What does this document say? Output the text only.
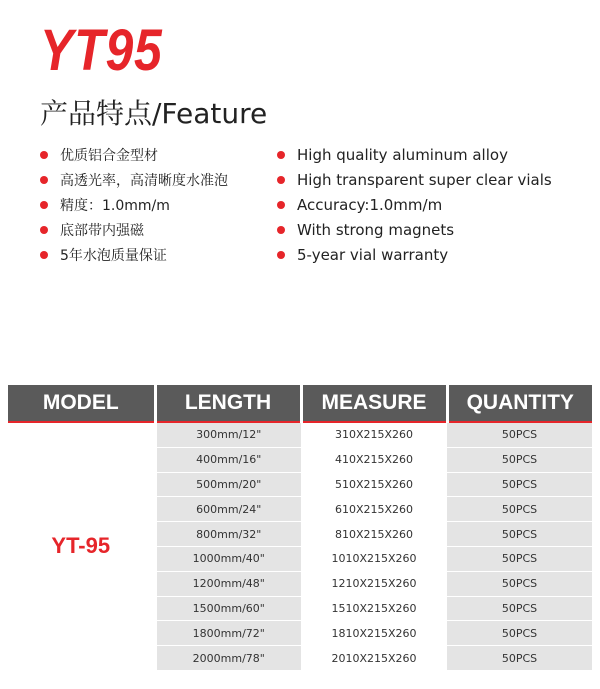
YT95
产品特点/Feature
优质铝合金型材
高透光率，高清晰度水准泡
精度：1.0mm/m
底部带内强磁
5年水泡质量保证
High quality aluminum alloy
High transparent super clear vials
Accuracy:1.0mm/m
With strong magnets
5-year vial warranty
MODEL	LENGTH	MEASURE	QUANTITY
YT-95	300mm/12"	310X215X260	50PCS
	400mm/16"	410X215X260	50PCS
	500mm/20"	510X215X260	50PCS
	600mm/24"	610X215X260	50PCS
	800mm/32"	810X215X260	50PCS
	1000mm/40"	1010X215X260	50PCS
	1200mm/48"	1210X215X260	50PCS
	1500mm/60"	1510X215X260	50PCS
	1800mm/72"	1810X215X260	50PCS
	2000mm/78"	2010X215X260	50PCS
